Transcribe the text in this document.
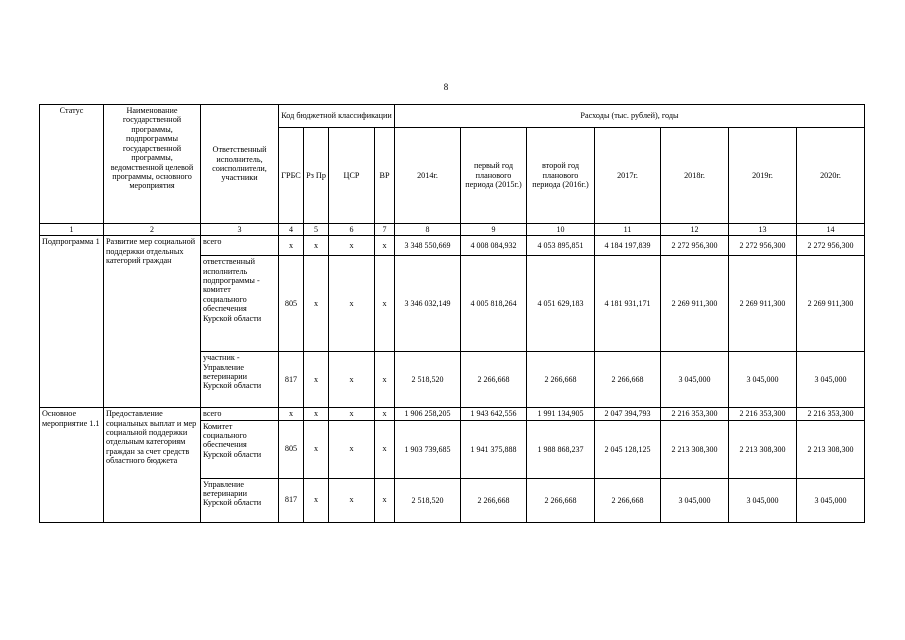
8
Статус	Наименование государственной программы, подпрограммы государственной программы, ведомственной целевой программы, основного мероприятия	Ответственный исполнитель, соисполнители, участники	Код бюджетной классификации				Расходы (тыс. рублей), годы						
			ГРБС	Рз Пр	ЦСР	ВР	2014г.	первый год планового периода (2015г.)	второй год планового периода (2016г.)	2017г.	2018г.	2019г.	2020г.
1	2	3	4	5	6	7	8	9	10	11	12	13	14
Подпрограмма 1	Развитие мер социальной поддержки отдельных категорий граждан	всего	х	х	х	х	3 348 550,669	4 008 084,932	4 053 895,851	4 184 197,839	2 272 956,300	2 272 956,300	2 272 956,300
		ответственный исполнитель подпрограммы - комитет социального обеспечения Курской области	805	х	х	х	3 346 032,149	4 005 818,264	4 051 629,183	4 181 931,171	2 269 911,300	2 269 911,300	2 269 911,300
		участник - Управление ветеринарии Курской области	817	х	х	х	2 518,520	2 266,668	2 266,668	2 266,668	3 045,000	3 045,000	3 045,000
Основное мероприятие 1.1	Предоставление социальных выплат и мер социальной поддержки отдельным категориям граждан за счет средств областного бюджета	всего	х	х	х	х	1 906 258,205	1 943 642,556	1 991 134,905	2 047 394,793	2 216 353,300	2 216 353,300	2 216 353,300
		Комитет социального обеспечения Курской области	805	х	х	х	1 903 739,685	1 941 375,888	1 988 868,237	2 045 128,125	2 213 308,300	2 213 308,300	2 213 308,300
		Управление ветеринарии Курской области	817	х	х	х	2 518,520	2 266,668	2 266,668	2 266,668	3 045,000	3 045,000	3 045,000
